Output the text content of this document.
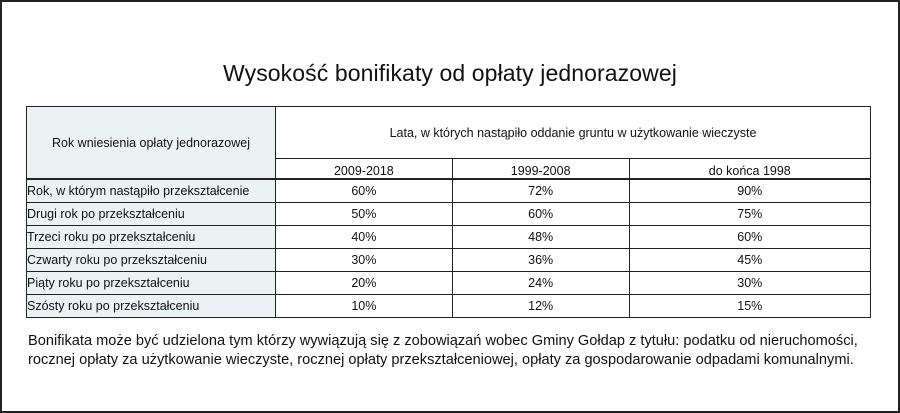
Wysokość bonifikaty od opłaty jednorazowej
Rok wniesienia opłaty jednorazowej	Lata, w których nastąpiło oddanie gruntu w użytkowanie wieczyste		
	2009-2018	1999-2008	do końca 1998
Rok, w którym nastąpiło przekształcenie	60%	72%	90%
Drugi rok po przekształceniu	50%	60%	75%
Trzeci roku po przekształceniu	40%	48%	60%
Czwarty roku po przekształceniu	30%	36%	45%
Piąty roku po przekształceniu	20%	24%	30%
Szósty roku po przekształceniu	10%	12%	15%
Bonifikata może być udzielona tym którzy wywiązują się z zobowiązań wobec Gminy Gołdap z tytułu: podatku od nieruchomości,
rocznej opłaty za użytkowanie wieczyste, rocznej opłaty przekształceniowej, opłaty za gospodarowanie odpadami komunalnymi.
